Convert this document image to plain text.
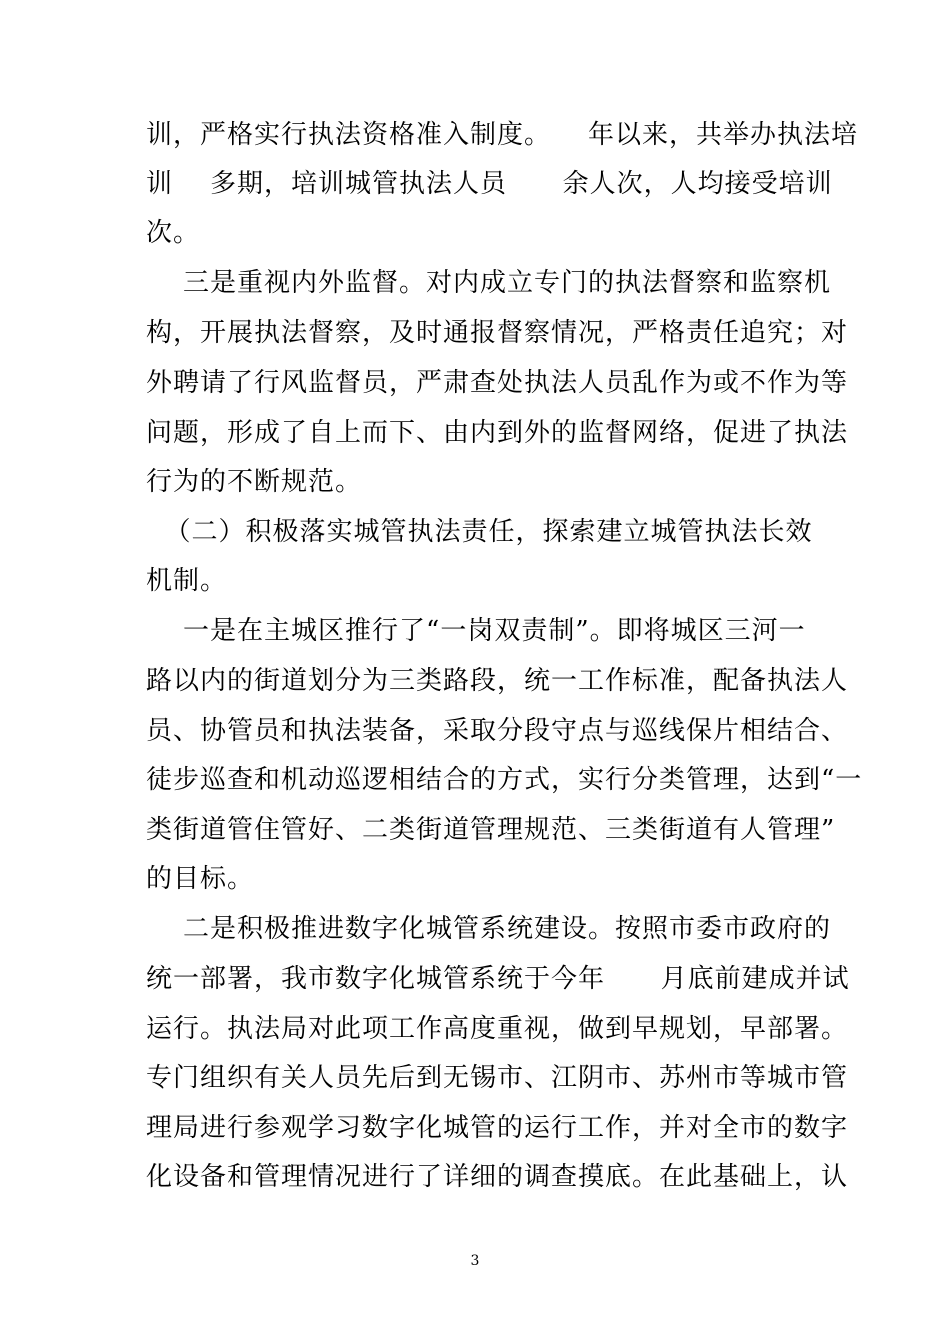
训，严格实行执法资格准入制度。    年以来，共举办执法培
训    多期，培训城管执法人员      余人次，人均接受培训
次。
三是重视内外监督。对内成立专门的执法督察和监察机
构，开展执法督察，及时通报督察情况，严格责任追究；对
外聘请了行风监督员，严肃查处执法人员乱作为或不作为等
问题，形成了自上而下、由内到外的监督网络，促进了执法
行为的不断规范。
（二）积极落实城管执法责任，探索建立城管执法长效
机制。
一是在主城区推行了“一岗双责制”。即将城区三河一
路以内的街道划分为三类路段，统一工作标准，配备执法人
员、协管员和执法装备，采取分段守点与巡线保片相结合、
徒步巡查和机动巡逻相结合的方式，实行分类管理，达到“一
类街道管住管好、二类街道管理规范、三类街道有人管理”
的目标。
二是积极推进数字化城管系统建设。按照市委市政府的
统一部署，我市数字化城管系统于今年      月底前建成并试
运行。执法局对此项工作高度重视，做到早规划，早部署。
专门组织有关人员先后到无锡市、江阴市、苏州市等城市管
理局进行参观学习数字化城管的运行工作，并对全市的数字
化设备和管理情况进行了详细的调查摸底。在此基础上，认
3
